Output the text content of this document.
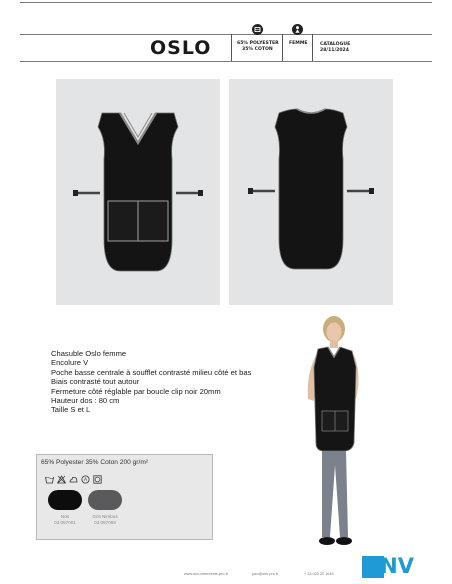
OSLO	65% POLYESTER
35% COTON
FEMME	CATALOGUE
28/11/2024
Chasuble Oslo femme
Encolure V
Poche basse centrale à soufflet contrasté milieu côté et bas
Biais contrasté tout autour
Fermeture côté réglable par boucle clip noir 20mm
Hauteur dos : 80 cm
Taille S et L
65% Polyester 35% Coton 200 gr/m²
A
Noir
03.057001
Gris Nimbus
03.057059
www.snv-vetements-pro.fr	pao@snv-pro.fr	+ 33 020 20 1616 SNV
